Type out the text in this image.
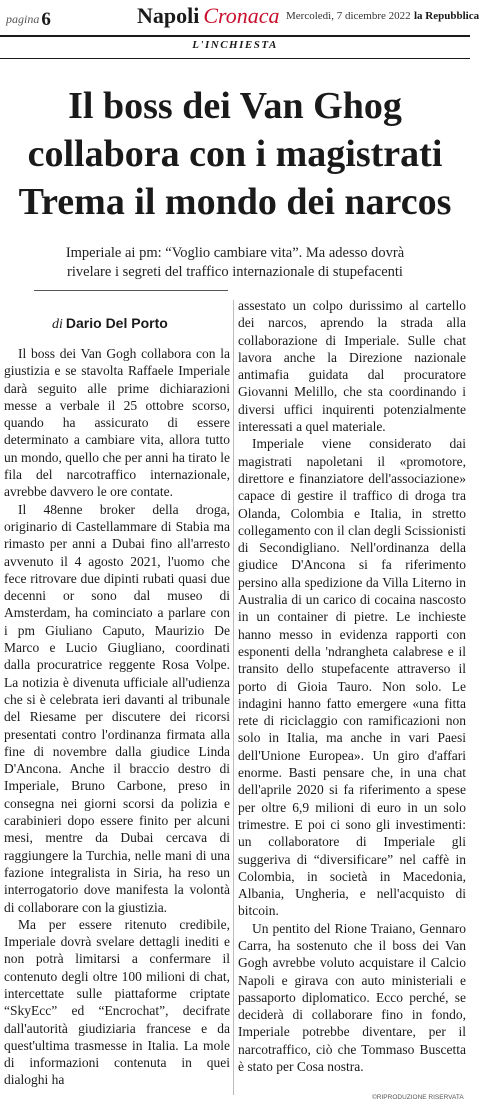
pagina 6	Napoli Cronaca Mercoledì, 7 dicembre 2022 la Repubblica
L'INCHIESTA
Il boss dei Van Ghog
collabora con i magistrati
Trema il mondo dei narcos
Imperiale ai pm: “Voglio cambiare vita”. Ma adesso dovrà
rivelare i segreti del traffico internazionale di stupefacenti
di Dario Del Porto

Il boss dei Van Gogh collabora con la giustizia e se stavolta Raffaele Imperiale darà seguito alle prime dichiarazioni messe a verbale il 25 ottobre scorso, quando ha assicurato di essere determinato a cambiare vita, allora tutto un mondo, quello che per anni ha tirato le fila del narcotraffico internazionale, avrebbe davvero le ore contate.

Il 48enne broker della droga, originario di Castellammare di Stabia ma rimasto per anni a Dubai fino all'arresto avvenuto il 4 agosto 2021, l'uomo che fece ritrovare due dipinti rubati quasi due decenni or sono dal museo di Amsterdam, ha cominciato a parlare con i pm Giuliano Caputo, Maurizio De Marco e Lucio Giugliano, coordinati dalla procuratrice reggente Rosa Volpe. La notizia è divenuta ufficiale all'udienza che si è celebrata ieri davanti al tribunale del Riesame per discutere dei ricorsi presentati contro l'ordinanza firmata alla fine di novembre dalla giudice Linda D'Ancona. Anche il braccio destro di Imperiale, Bruno Carbone, preso in consegna nei giorni scorsi da polizia e carabinieri dopo essere finito per alcuni mesi, mentre da Dubai cercava di raggiungere la Turchia, nelle mani di una fazione integralista in Siria, ha reso un interrogatorio dove manifesta la volontà di collaborare con la giustizia.

Ma per essere ritenuto credibile, Imperiale dovrà svelare dettagli inediti e non potrà limitarsi a confermare il contenuto degli oltre 100 milioni di chat, intercettate sulle piattaforme criptate “SkyEcc” ed “Encrochat”, decifrate dall'autorità giudiziaria francese e da quest'ultima trasmesse in Italia. La mole di informazioni contenuta in quei dialoghi ha

assestato un colpo durissimo al cartello dei narcos, aprendo la strada alla collaborazione di Imperiale. Sulle chat lavora anche la Direzione nazionale antimafia guidata dal procuratore Giovanni Melillo, che sta coordinando i diversi uffici inquirenti potenzialmente interessati a quel materiale.

Imperiale viene considerato dai magistrati napoletani il «promotore, direttore e finanziatore dell'associazione» capace di gestire il traffico di droga tra Olanda, Colombia e Italia, in stretto collegamento con il clan degli Scissionisti di Secondigliano. Nell'ordinanza della giudice D'Ancona si fa riferimento persino alla spedizione da Villa Literno in Australia di un carico di cocaina nascosto in un container di pietre. Le inchieste hanno messo in evidenza rapporti con esponenti della 'ndrangheta calabrese e il transito dello stupefacente attraverso il porto di Gioia Tauro. Non solo. Le indagini hanno fatto emergere «una fitta rete di riciclaggio con ramificazioni non solo in Italia, ma anche in vari Paesi dell'Unione Europea». Un giro d'affari enorme. Basti pensare che, in una chat dell'aprile 2020 si fa riferimento a spese per oltre 6,9 milioni di euro in un solo trimestre. E poi ci sono gli investimenti: un collaboratore di Imperiale gli suggeriva di “diversificare” nel caffè in Colombia, in società in Macedonia, Albania, Ungheria, e nell'acquisto di bitcoin.

Un pentito del Rione Traiano, Gennaro Carra, ha sostenuto che il boss dei Van Gogh avrebbe voluto acquistare il Calcio Napoli e girava con auto ministeriali e passaporto diplomatico. Ecco perché, se deciderà di collaborare fino in fondo, Imperiale potrebbe diventare, per il narcotraffico, ciò che Tommaso Buscetta è stato per Cosa nostra.

©RIPRODUZIONE RISERVATA
